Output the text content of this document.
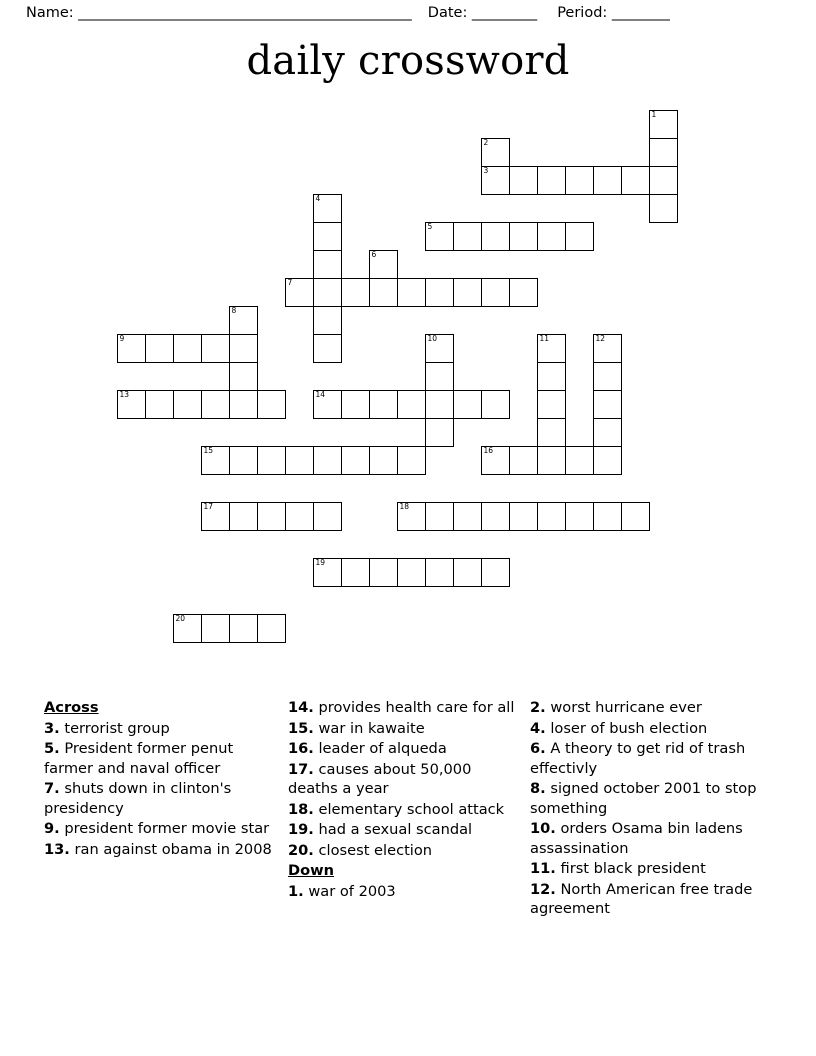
Name: ______________________________________________ Date: _________ Period: ________
daily crossword
1
2
3
4
5
6
7
8
9	10	11	12
13	14
15	16
17	18
19
20
Across
3. terrorist group
5. President former penut farmer and naval officer
7. shuts down in clinton's presidency
9. president former movie star
13. ran against obama in 2008
14. provides health care for all
15. war in kawaite
16. leader of alqueda
17. causes about 50,000 deaths a year
18. elementary school attack
19. had a sexual scandal
20. closest election
Down
1. war of 2003
2. worst hurricane ever
4. loser of bush election
6. A theory to get rid of trash effectivly
8. signed october 2001 to stop something
10. orders Osama bin ladens assassination
11. first black president
12. North American free trade agreement
